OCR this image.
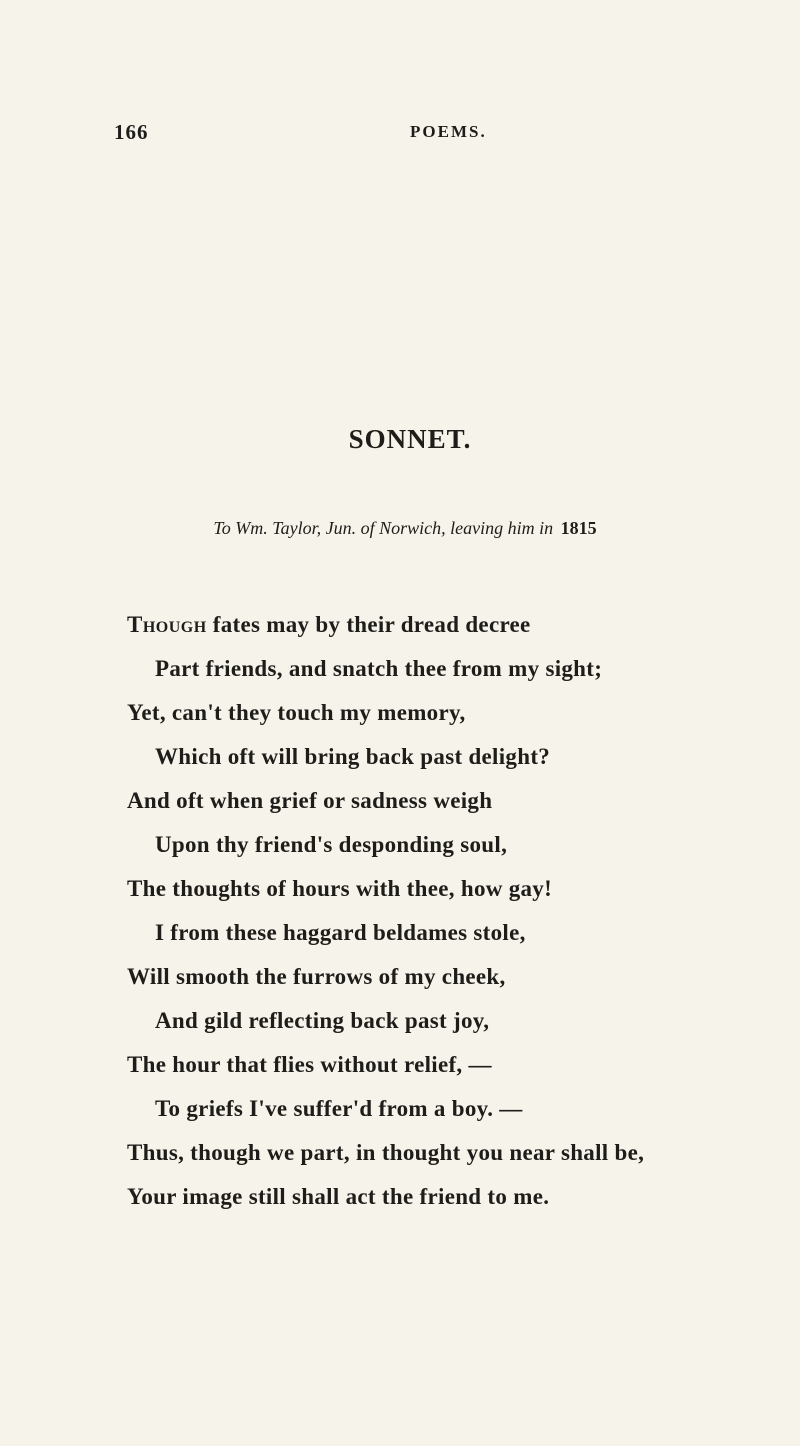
166	POEMS.
SONNET.
To Wm. Taylor, Jun. of Norwich, leaving him in 1815
Though fates may by their dread decree
Part friends, and snatch thee from my sight;
Yet, can't they touch my memory,
Which oft will bring back past delight?
And oft when grief or sadness weigh
Upon thy friend's desponding soul,
The thoughts of hours with thee, how gay!
I from these haggard beldames stole,
Will smooth the furrows of my cheek,
And gild reflecting back past joy,
The hour that flies without relief, —
To griefs I've suffer'd from a boy. —
Thus, though we part, in thought you near shall be,
Your image still shall act the friend to me.
